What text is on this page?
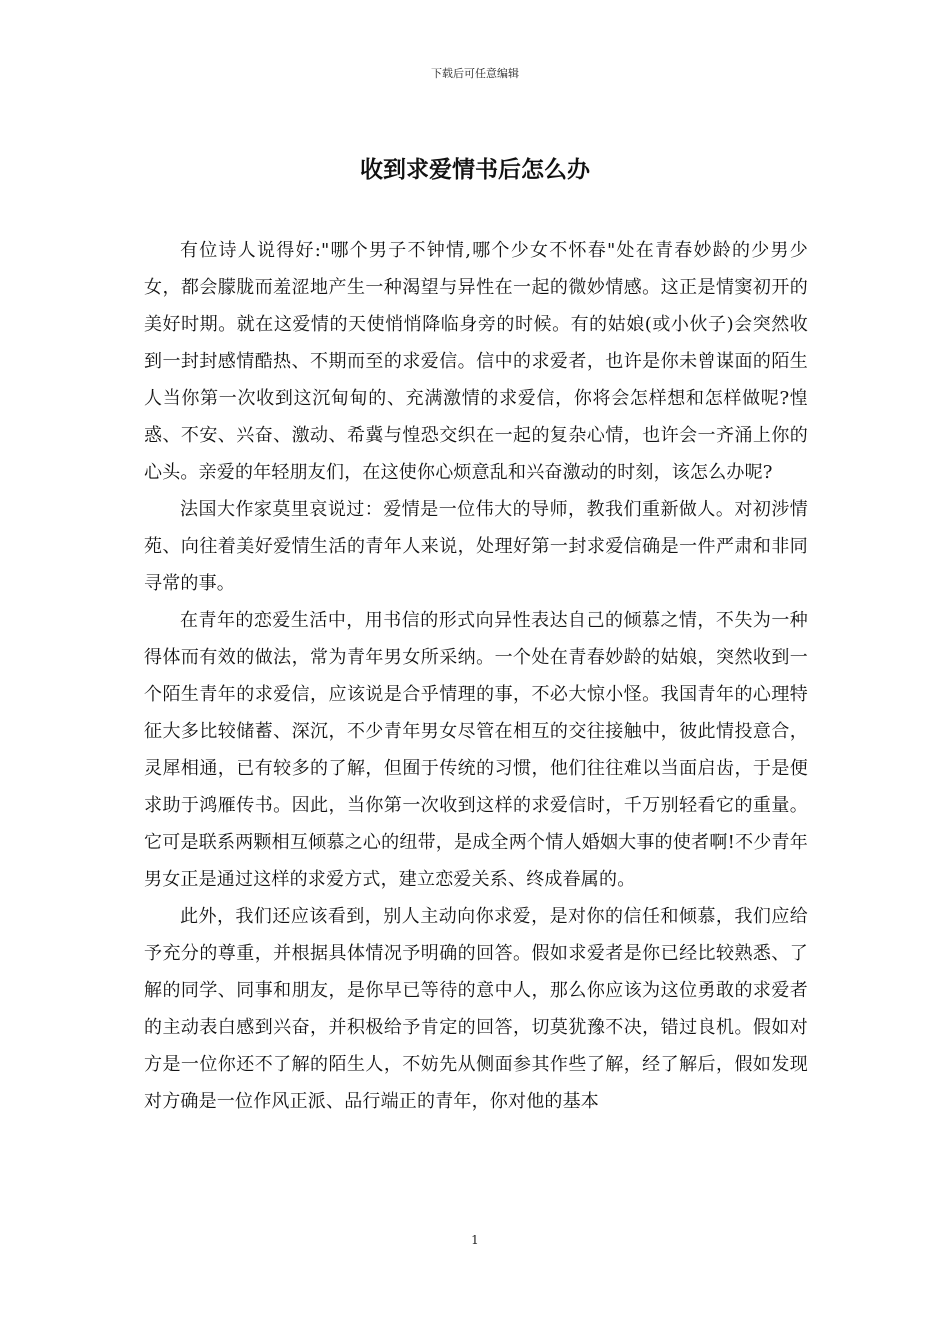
下载后可任意编辑
收到求爱情书后怎么办

有位诗人说得好:"哪个男子不钟情,哪个少女不怀春"处在青春妙龄的少男少女，都会朦胧而羞涩地产生一种渴望与异性在一起的微妙情感。这正是情窦初开的美好时期。就在这爱情的天使悄悄降临身旁的时候。有的姑娘(或小伙子)会突然收到一封封感情酷热、不期而至的求爱信。信中的求爱者，也许是你未曾谋面的陌生人当你第一次收到这沉甸甸的、充满激情的求爱信，你将会怎样想和怎样做呢?惶惑、不安、兴奋、激动、希冀与惶恐交织在一起的复杂心情，也许会一齐涌上你的心头。亲爱的年轻朋友们，在这使你心烦意乱和兴奋激动的时刻，该怎么办呢?

法国大作家莫里哀说过：爱情是一位伟大的导师，教我们重新做人。对初涉情苑、向往着美好爱情生活的青年人来说，处理好第一封求爱信确是一件严肃和非同寻常的事。

在青年的恋爱生活中，用书信的形式向异性表达自己的倾慕之情，不失为一种得体而有效的做法，常为青年男女所采纳。一个处在青春妙龄的姑娘，突然收到一个陌生青年的求爱信，应该说是合乎情理的事，不必大惊小怪。我国青年的心理特征大多比较储蓄、深沉，不少青年男女尽管在相互的交往接触中，彼此情投意合，灵犀相通，已有较多的了解，但囿于传统的习惯，他们往往难以当面启齿，于是便求助于鸿雁传书。因此，当你第一次收到这样的求爱信时，千万别轻看它的重量。它可是联系两颗相互倾慕之心的纽带，是成全两个情人婚姻大事的使者啊!不少青年男女正是通过这样的求爱方式，建立恋爱关系、终成眷属的。

此外，我们还应该看到，别人主动向你求爱，是对你的信任和倾慕，我们应给予充分的尊重，并根据具体情况予明确的回答。假如求爱者是你已经比较熟悉、了解的同学、同事和朋友，是你早已等待的意中人，那么你应该为这位勇敢的求爱者的主动表白感到兴奋，并积极给予肯定的回答，切莫犹豫不决，错过良机。假如对方是一位你还不了解的陌生人，不妨先从侧面参其作些了解，经了解后，假如发现对方确是一位作风正派、品行端正的青年，你对他的基本

1
